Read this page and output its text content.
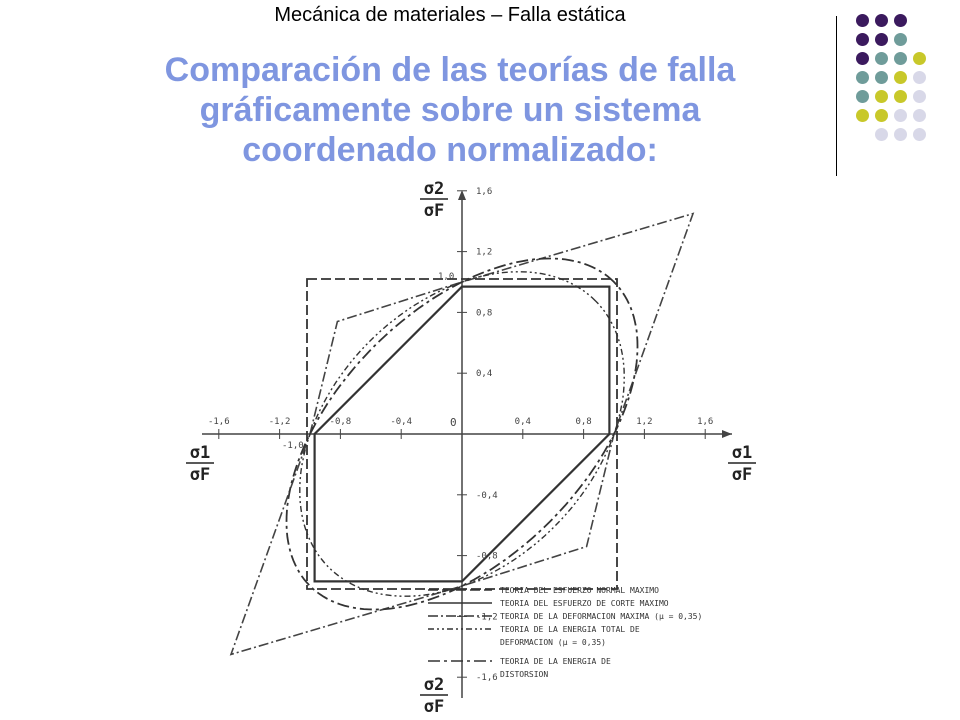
Mecánica de materiales – Falla estática
Comparación de las teorías de falla
gráficamente sobre un sistema
coordenado normalizado:
-1,6	-1,2	-0,8	-0,4	0,4	0,8	1,2	1,6
1,6
1,2
0,8
0,4
-0,4
-0,8
-1,2
-1,6
1,0
-1,0
0
σ2
σF
σ2
σF
σ1
σF
σ1
σF
TEORIA DEL ESFUERZO NORMAL MAXIMO
TEORIA DEL ESFUERZO DE CORTE MAXIMO
TEORIA DE LA DEFORMACION MAXIMA (μ = 0,35)
TEORIA DE LA ENERGIA TOTAL DE
DEFORMACION (μ = 0,35)
TEORIA DE LA ENERGIA DE
DISTORSION
